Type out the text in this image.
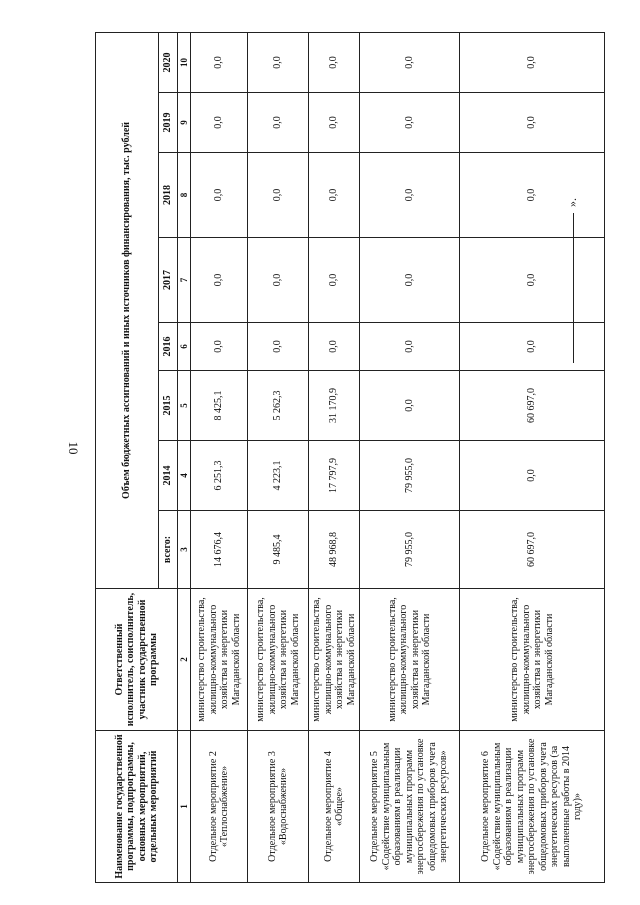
10
Наименование государственной программы, подпрограммы, основных мероприятий, отдельных мероприятий	Ответственный исполнитель, соисполнитель, участник государственной программы	Объем бюджетных ассигнований и иных источников финансирования, тыс. рублей							
		всего:	2014	2015	2016	2017	2018	2019	2020
1	2	3	4	5	6	7	8	9	10
Отдельное мероприятие 2 «Теплоснабжение»	министерство строительства, жилищно-коммунального хозяйства и энергетики Магаданской области	14 676,4	6 251,3	8 425,1	0,0	0,0	0,0	0,0	0,0
Отдельное мероприятие 3 «Водоснабжение»	министерство строительства, жилищно-коммунального хозяйства и энергетики Магаданской области	9 485,4	4 223,1	5 262,3	0,0	0,0	0,0	0,0	0,0
Отдельное мероприятие 4 «Общее»	министерство строительства, жилищно-коммунального хозяйства и энергетики Магаданской области	48 968,8	17 797,9	31 170,9	0,0	0,0	0,0	0,0	0,0
Отдельное мероприятие 5 «Содействие муниципальным образованиям в реализации муниципальных программ энергосбережения по установке общедомовых приборов учета энергетических ресурсов»	министерство строительства, жилищно-коммунального хозяйства и энергетики Магаданской области	79 955,0	79 955,0	0,0	0,0	0,0	0,0	0,0	0,0
Отдельное мероприятие 6 «Содействие муниципальным образованиям в реализации муниципальных программ энергосбережения по установке общедомовых приборов учета энергетических ресурсов (за выполненные работы в 2014 году)»	министерство строительства, жилищно-коммунального хозяйства и энергетики Магаданской области	60 697,0	0,0	60 697,0	0,0	0,0	0,0	0,0	0,0
».
